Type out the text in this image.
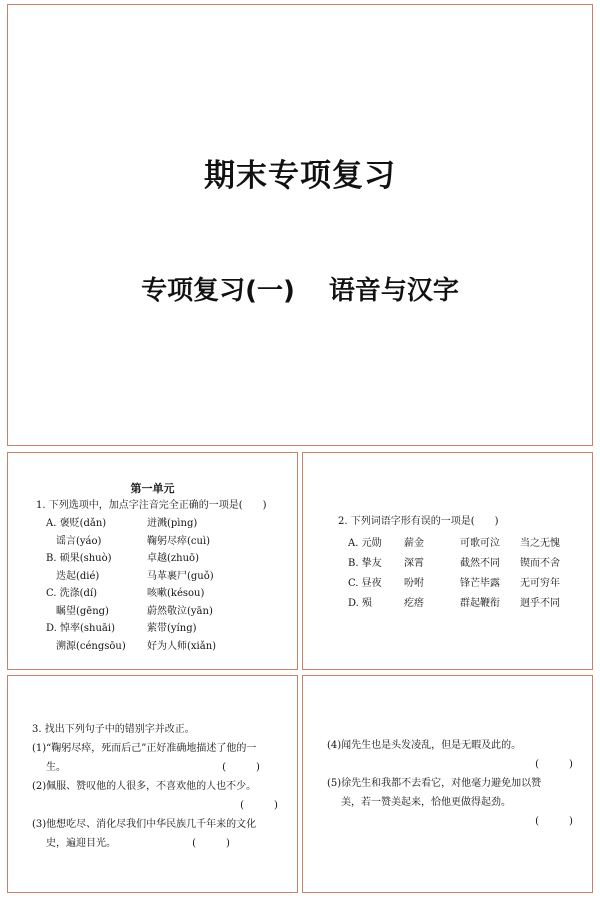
期末专项复习
专项复习(一) 语音与汉字
第一单元
1. 下列选项中，加点字注音完全正确的一项是(　　)
A. 褒贬(dǎn)	迸溅(pìng)
　谣言(yáo)	鞠躬尽瘁(cuì)
B. 硕果(shuò)	卓越(zhuō)
　迭起(dié)	马革裹尸(guǒ)
C. 洗涤(dí)	咳嗽(késou)
　瞩望(gēng)	蔚然敬泣(yān)
D. 悼率(shuāi)	萦带(yíng)
　溯源(céngsōu)	好为人师(xiǎn)
2. 下列词语字形有误的一项是(　　)
A. 元勋	薪金	可歌可泣	当之无愧
B. 挚友	深霄	截然不同	锲而不舍
C. 昼夜	吩咐	锋芒毕露	无可穷年
D. 殒	疙瘩	群起鞭衔	迥乎不同

3. 找出下列句子中的错别字并改正。

(1)“鞠躬尽瘁，死而后己”正好准确地描述了他的一

生。	(　　　)

(2)佩服、赞叹他的人很多，不喜欢他的人也不少。

(　　　)

(3)他想吃尽、消化尽我们中华民族几千年来的文化

史，遍迎目光。	(　　　)

(4)闻先生也是头发凌乱，但是无暇及此的。

(　　　)

(5)徐先生和我都不去看它，对他毫力避免加以赞

美，若一赞美起来，恰他更做得起劲。

(　　　)
